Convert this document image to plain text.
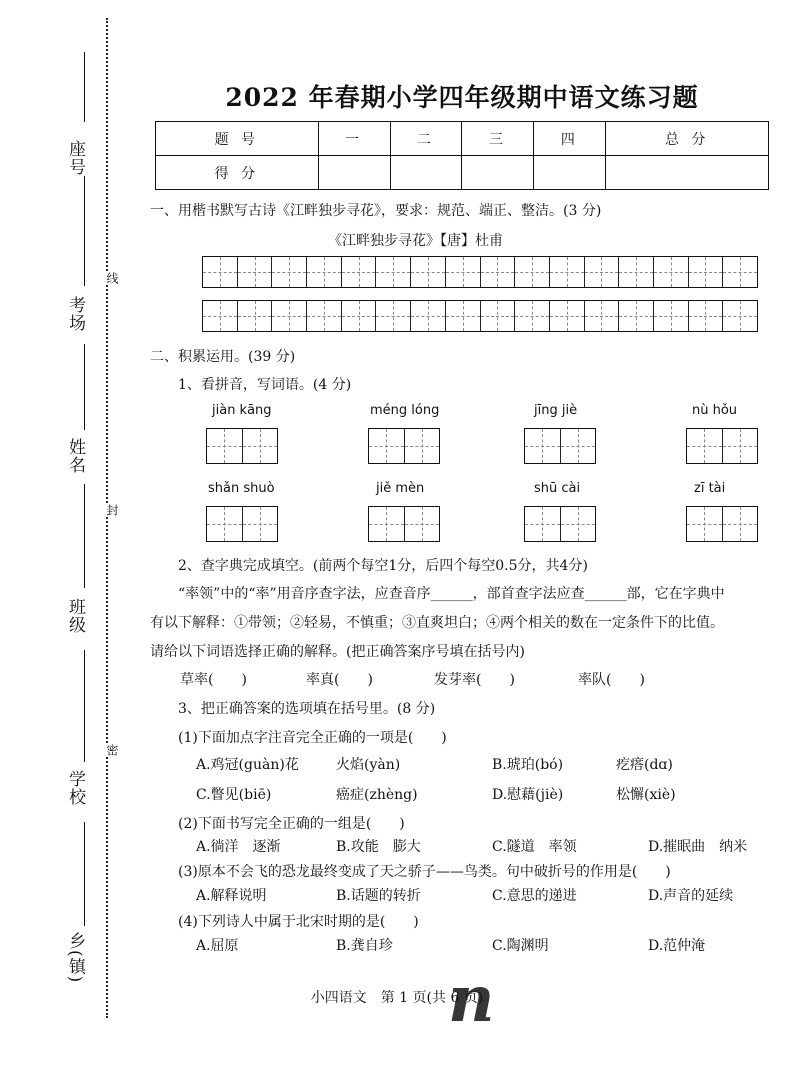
座号
考场
姓名
班级
学校
乡(镇)
线
封
密
2022 年春期小学四年级期中语文练习题
题 号	一	二	三	四	总 分
得 分					
一、用楷书默写古诗《江畔独步寻花》，要求：规范、端正、整洁。(3 分)
《江畔独步寻花》【唐】杜甫
二、积累运用。(39 分)
1、看拼音，写词语。(4 分)
jiàn kāng	méng lóng	jīng jiè	nù hǒu
shǎn shuò	jiě mèn	shū cài	zī tài
2、查字典完成填空。(前两个每空1分，后四个每空0.5分，共4分)
“率领”中的“率”用音序查字法，应查音序______，部首查字法应查______部，它在字典中
有以下解释：①带领；②轻易，不慎重；③直爽坦白；④两个相关的数在一定条件下的比值。
请给以下词语选择正确的解释。(把正确答案序号填在括号内)
草率(　　)	率真(　　)	发芽率(　　)	率队(　　)
3、把正确答案的选项填在括号里。(8 分)
(1)下面加点字注音完全正确的一项是(　　)
A.鸡冠(guàn)花	火焰(yàn)	B.琥珀(bó)	疙瘩(dɑ)
C.瞥见(biē)	癌症(zhèng)	D.慰藉(jiè)	松懈(xiè)
(2)下面书写完全正确的一组是(　　)
A.徜洋　逐渐	B.攻能　膨大	C.隧道　率领	D.摧眠曲　纳米
(3)原本不会飞的恐龙最终变成了天之骄子——鸟类。句中破折号的作用是(　　)
A.解释说明	B.话题的转折	C.意思的递进	D.声音的延续
(4)下列诗人中属于北宋时期的是(　　)
A.屈原	B.龚自珍	C.陶渊明	D.范仲淹
n
小四语文　第 1 页(共 6 页)
